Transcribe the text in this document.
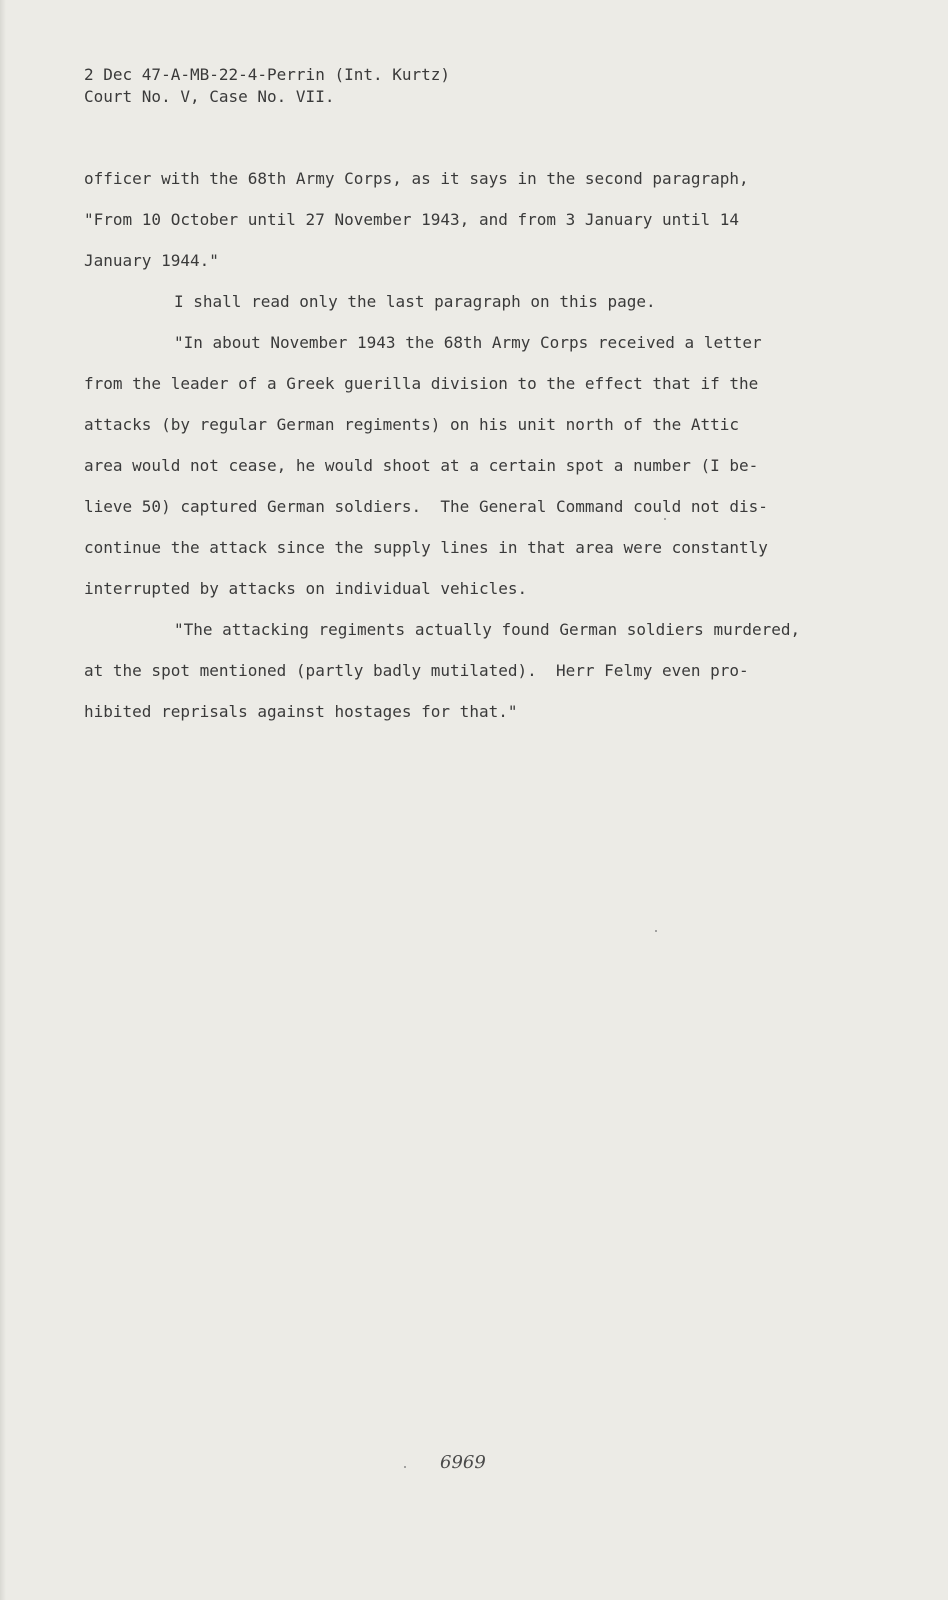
2 Dec 47-A-MB-22-4-Perrin (Int. Kurtz)
Court No. V, Case No. VII.
officer with the 68th Army Corps, as it says in the second paragraph,
"From 10 October until 27 November 1943, and from 3 January until 14
January 1944."
I shall read only the last paragraph on this page.
"In about November 1943 the 68th Army Corps received a letter
from the leader of a Greek guerilla division to the effect that if the
attacks (by regular German regiments) on his unit north of the Attic
area would not cease, he would shoot at a certain spot a number (I be-
lieve 50) captured German soldiers.  The General Command could not dis-
continue the attack since the supply lines in that area were constantly
interrupted by attacks on individual vehicles.
"The attacking regiments actually found German soldiers murdered,
at the spot mentioned (partly badly mutilated).  Herr Felmy even pro-
hibited reprisals against hostages for that."
6969
